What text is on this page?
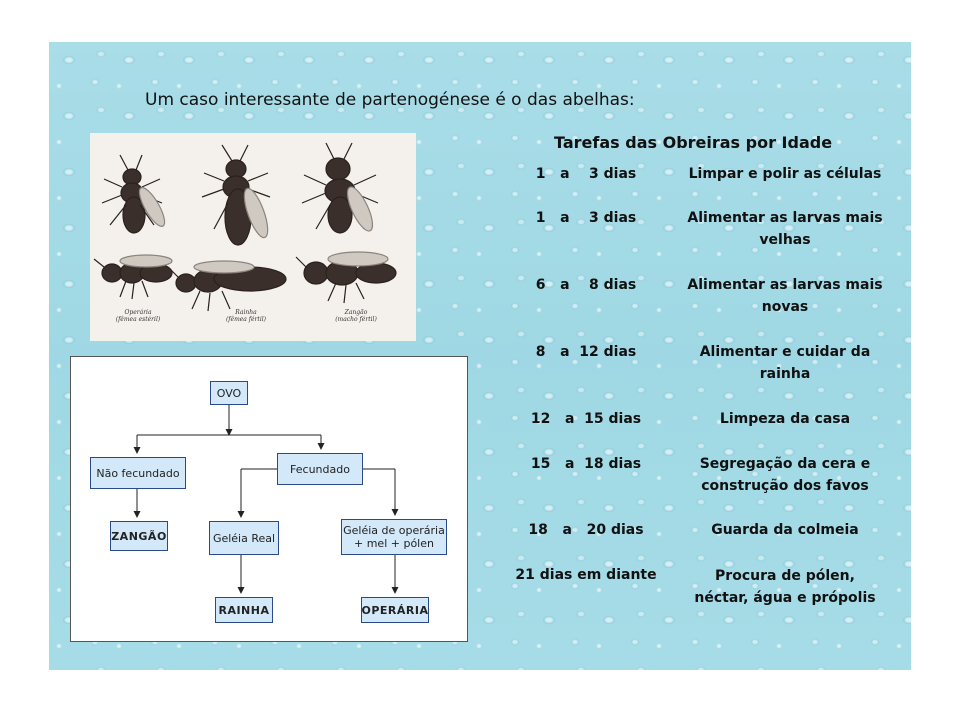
Um caso interessante de partenogénese é o das abelhas:
Operária
(fêmea estéril)
Rainha
(fêmea fértil)
Zangão
(macho fértil)
OVO
Não fecundado	Fecundado
ZANGÃO	Geléia Real
Geléia de operária
+ mel + pólen
RAINHA	OPERÁRIA
Tarefas das Obreiras por Idade
1   a    3 dias	Limpar e polir as células
1   a    3 dias	Alimentar as larvas mais
velhas
6   a    8 dias	Alimentar as larvas mais
novas
8   a  12 dias	Alimentar e cuidar da
rainha
12   a  15 dias	Limpeza da casa
15   a  18 dias	Segregação da cera e
construção dos favos
18   a   20 dias	Guarda da colmeia
21 dias em diante	Procura de pólen,
néctar, água e própolis
